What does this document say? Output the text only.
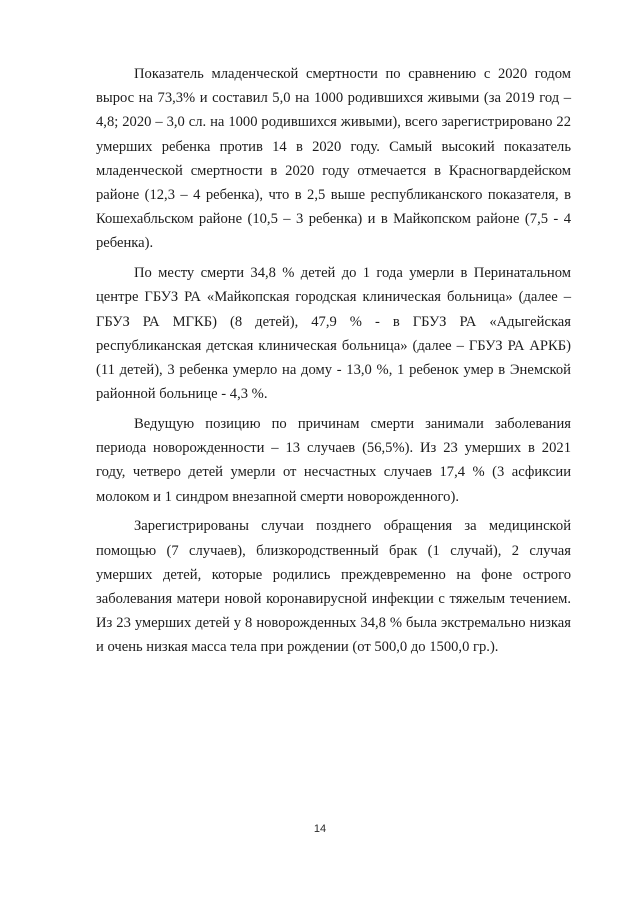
Показатель младенческой смертности по сравнению с 2020 годом вырос на 73,3% и составил 5,0 на 1000 родившихся живыми (за 2019 год – 4,8; 2020 – 3,0 сл. на 1000 родившихся живыми), всего зарегистрировано 22 умерших ребенка против 14 в 2020 году. Самый высокий показатель младенческой смертности в 2020 году отмечается в Красногвардейском районе (12,3 – 4 ребенка), что в 2,5 выше республиканского показателя, в Кошехабльском районе (10,5 – 3 ребенка) и в Майкопском районе (7,5 - 4 ребенка).

По месту смерти 34,8 % детей до 1 года умерли в Перинатальном центре ГБУЗ РА «Майкопская городская клиническая больница» (далее – ГБУЗ РА МГКБ) (8 детей), 47,9 % - в ГБУЗ РА «Адыгейская республиканская детская клиническая больница» (далее – ГБУЗ РА АРКБ) (11 детей), 3 ребенка умерло на дому - 13,0 %, 1 ребенок умер в Энемской районной больнице - 4,3 %.

Ведущую позицию по причинам смерти занимали заболевания периода новорожденности – 13 случаев (56,5%). Из 23 умерших в 2021 году, четверо детей умерли от несчастных случаев 17,4 % (3 асфиксии молоком и 1 синдром внезапной смерти новорожденного).

Зарегистрированы случаи позднего обращения за медицинской помощью (7 случаев), близкородственный брак (1 случай), 2 случая умерших детей, которые родились преждевременно на фоне острого заболевания матери новой коронавирусной инфекции с тяжелым течением. Из 23 умерших детей у 8 новорожденных 34,8 % была экстремально низкая и очень низкая масса тела при рождении (от 500,0 до 1500,0 гр.).

14
